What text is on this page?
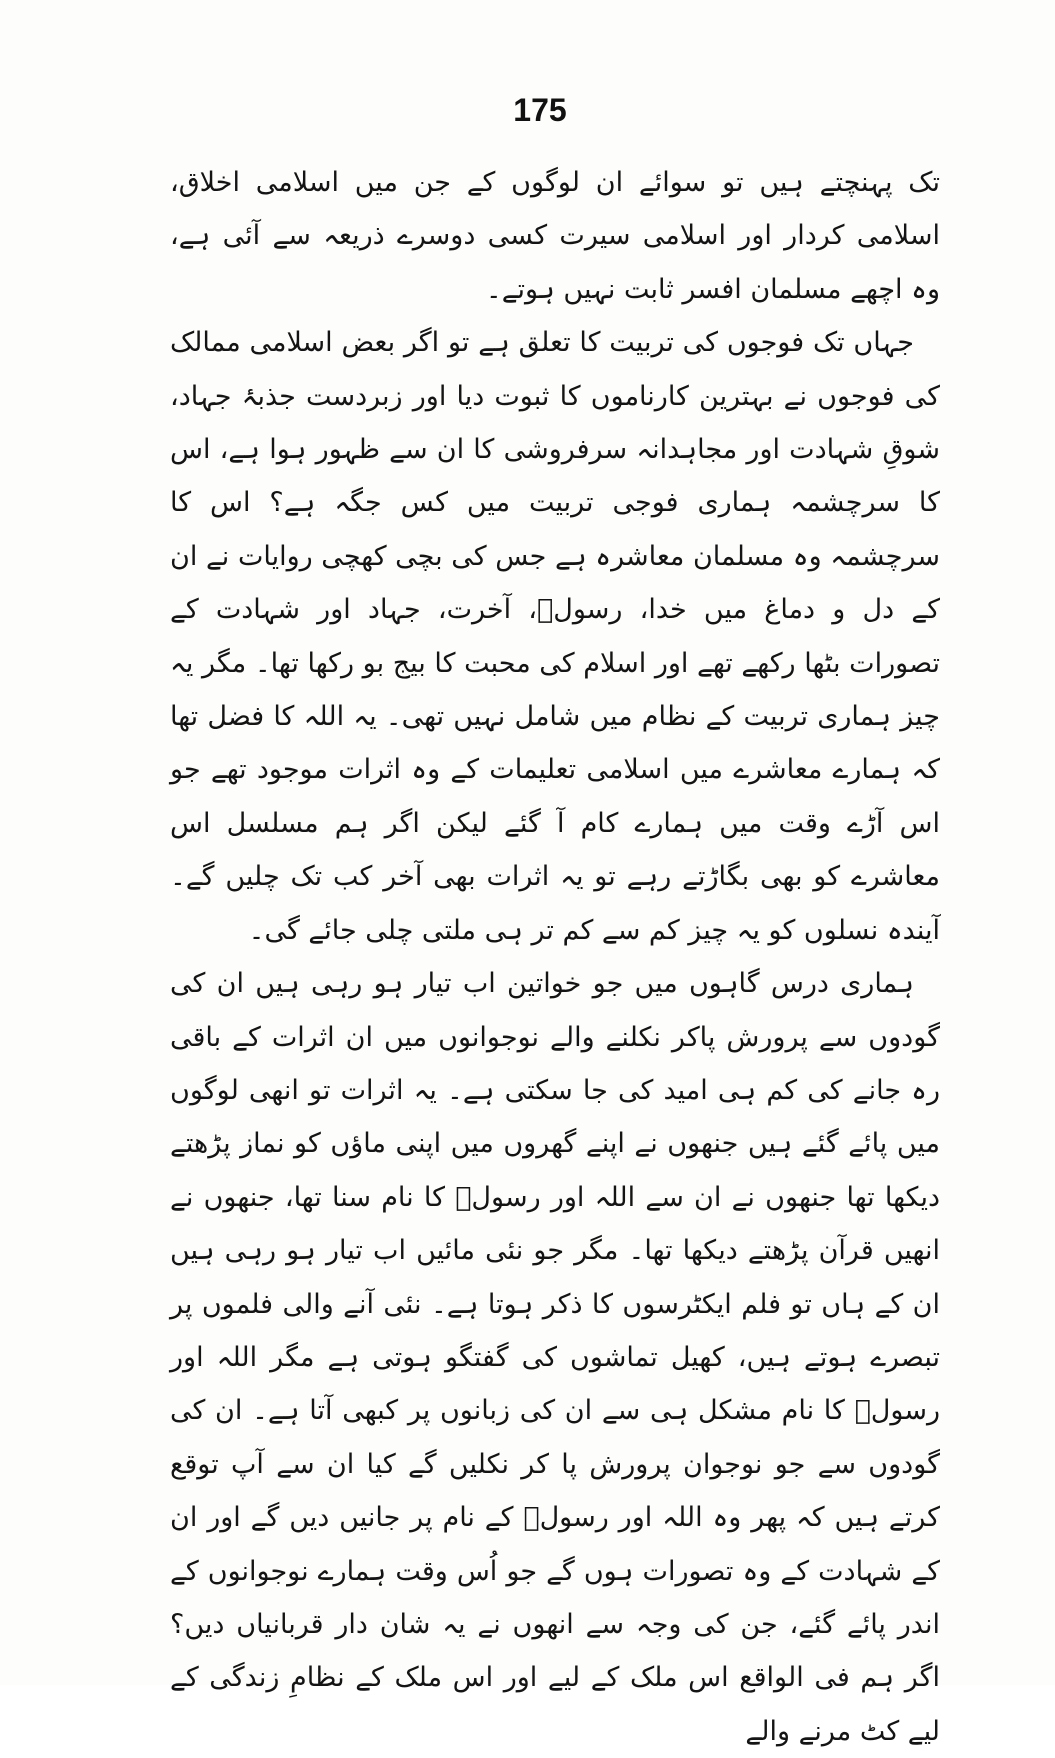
175

تک پہنچتے ہیں تو سوائے ان لوگوں کے جن میں اسلامی اخلاق، اسلامی کردار اور اسلامی سیرت کسی دوسرے ذریعہ سے آئی ہے، وہ اچھے مسلمان افسر ثابت نہیں ہوتے۔

جہاں تک فوجوں کی تربیت کا تعلق ہے تو اگر بعض اسلامی ممالک کی فوجوں نے بہترین کارناموں کا ثبوت دیا اور زبردست جذبۂ جہاد، شوقِ شہادت اور مجاہدانہ سرفروشی کا ان سے ظہور ہوا ہے، اس کا سرچشمہ ہماری فوجی تربیت میں کس جگہ ہے؟ اس کا سرچشمہ وہ مسلمان معاشرہ ہے جس کی بچی کھچی روایات نے ان کے دل و دماغ میں خدا، رسولؐ، آخرت، جہاد اور شہادت کے تصورات بٹھا رکھے تھے اور اسلام کی محبت کا بیج بو رکھا تھا۔ مگر یہ چیز ہماری تربیت کے نظام میں شامل نہیں تھی۔ یہ اللہ کا فضل تھا کہ ہمارے معاشرے میں اسلامی تعلیمات کے وہ اثرات موجود تھے جو اس آڑے وقت میں ہمارے کام آ گئے لیکن اگر ہم مسلسل اس معاشرے کو بھی بگاڑتے رہے تو یہ اثرات بھی آخر کب تک چلیں گے۔ آیندہ نسلوں کو یہ چیز کم سے کم تر ہی ملتی چلی جائے گی۔

ہماری درس گاہوں میں جو خواتین اب تیار ہو رہی ہیں ان کی گودوں سے پرورش پاکر نکلنے والے نوجوانوں میں ان اثرات کے باقی رہ جانے کی کم ہی امید کی جا سکتی ہے۔ یہ اثرات تو انھی لوگوں میں پائے گئے ہیں جنھوں نے اپنے گھروں میں اپنی ماؤں کو نماز پڑھتے دیکھا تھا جنھوں نے ان سے اللہ اور رسولؐ کا نام سنا تھا، جنھوں نے انھیں قرآن پڑھتے دیکھا تھا۔ مگر جو نئی مائیں اب تیار ہو رہی ہیں ان کے ہاں تو فلم ایکٹرسوں کا ذکر ہوتا ہے۔ نئی آنے والی فلموں پر تبصرے ہوتے ہیں، کھیل تماشوں کی گفتگو ہوتی ہے مگر اللہ اور رسولؐ کا نام مشکل ہی سے ان کی زبانوں پر کبھی آتا ہے۔ ان کی گودوں سے جو نوجوان پرورش پا کر نکلیں گے کیا ان سے آپ توقع کرتے ہیں کہ پھر وہ اللہ اور رسولؐ کے نام پر جانیں دیں گے اور ان کے شہادت کے وہ تصورات ہوں گے جو اُس وقت ہمارے نوجوانوں کے اندر پائے گئے، جن کی وجہ سے انھوں نے یہ شان دار قربانیاں دیں؟ اگر ہم فی الواقع اس ملک کے لیے اور اس ملک کے نظامِ زندگی کے لیے کٹ مرنے والے
